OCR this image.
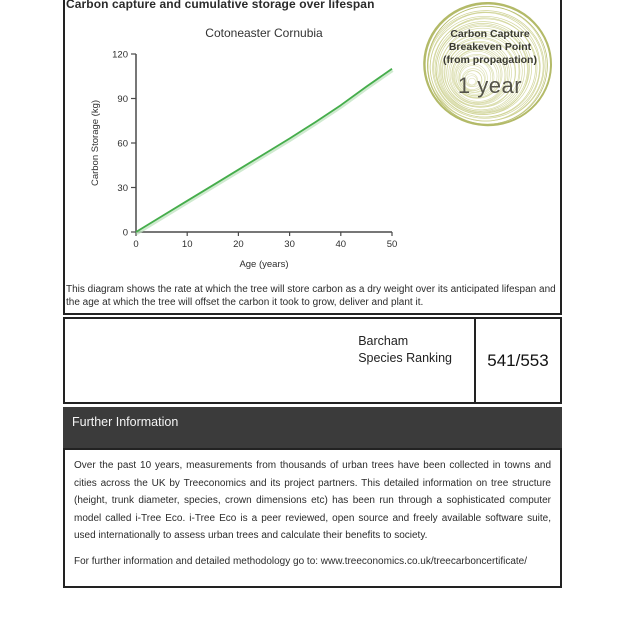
Carbon capture and cumulative storage over lifespan
Cotoneaster Cornubia
0
30
60
90
120
0	10	20	30	40	50
Age (years)
Carbon Storage (kg)
Carbon Capture
Breakeven Point
(from propagation)
1 year
This diagram shows the rate at which the tree will store carbon as a dry weight over its anticipated lifespan and the age at which the tree will offset the carbon it took to grow, deliver and plant it.
Barcham
Species Ranking 541/553
Further Information

Over the past 10 years, measurements from thousands of urban trees have been collected in towns and cities across the UK by Treeconomics and its project partners. This detailed information on tree structure (height, trunk diameter, species, crown dimensions etc) has been run through a sophisticated computer model called i-Tree Eco. i-Tree Eco is a peer reviewed, open source and freely available software suite, used internationally to assess urban trees and calculate their benefits to society.

For further information and detailed methodology go to: www.treeconomics.co.uk/treecarboncertificate/
